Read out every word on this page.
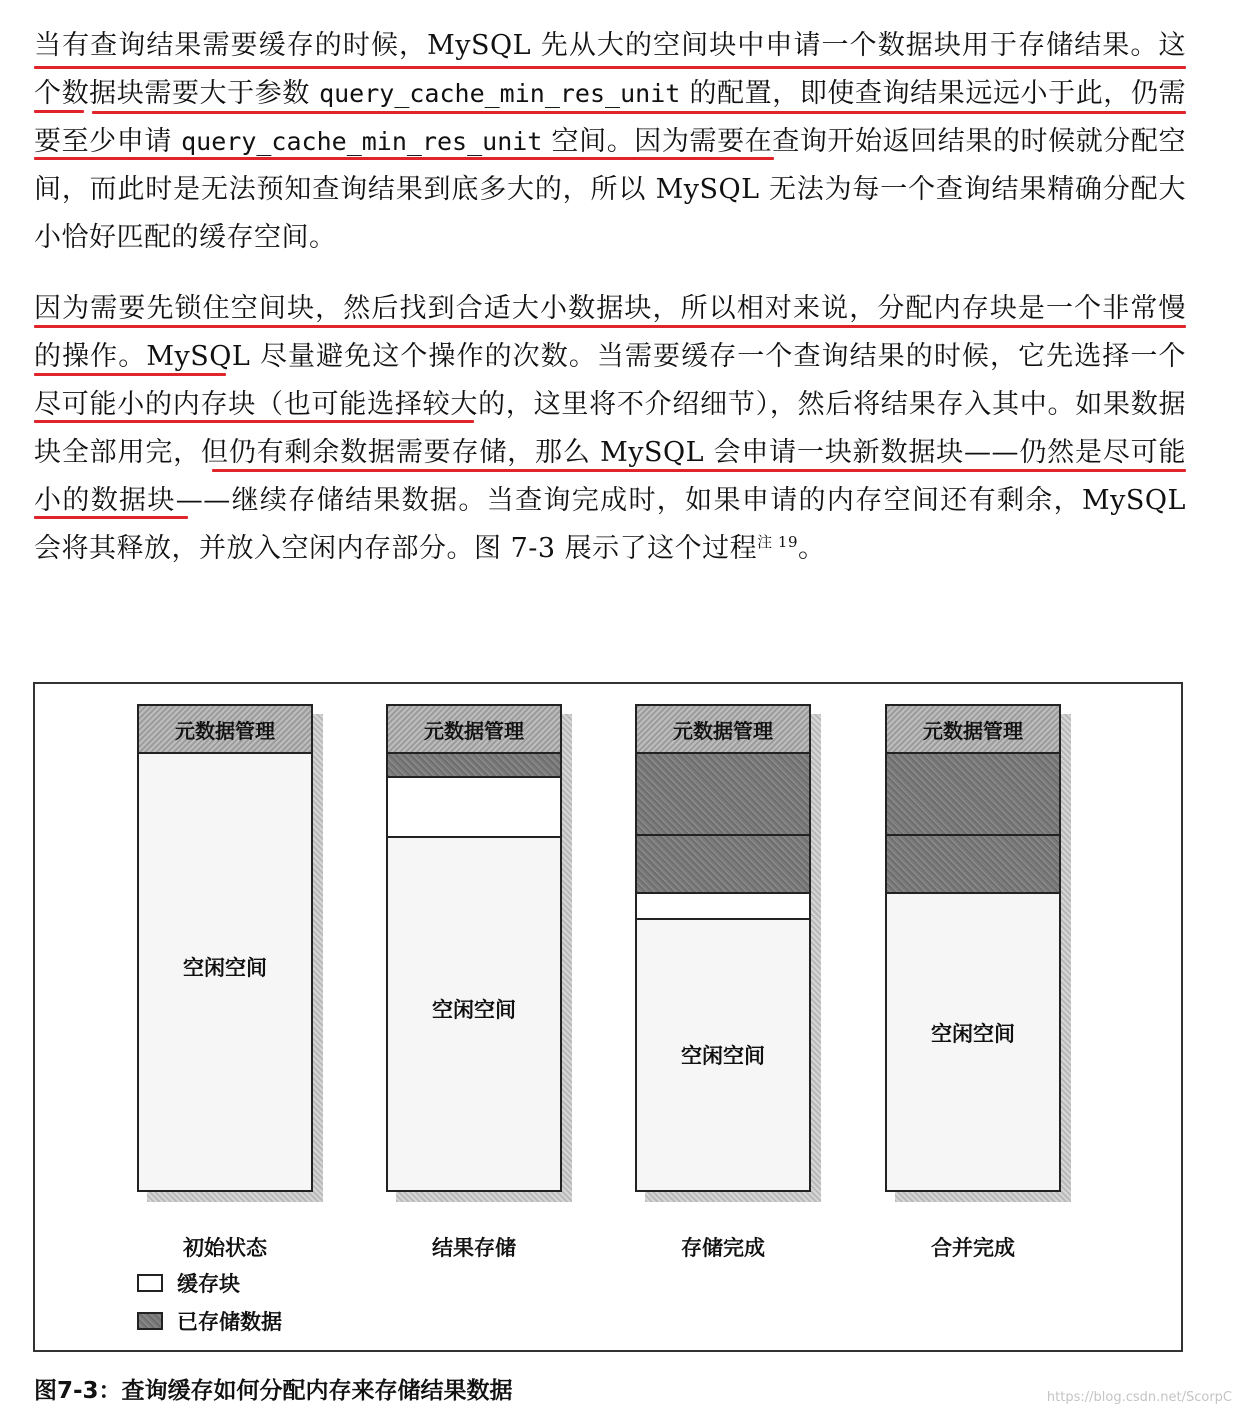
当有查询结果需要缓存的时候，MySQL 先从大的空间块中申请一个数据块用于存储结果。这个数据块需要大于参数 query_cache_min_res_unit 的配置，即使查询结果远远小于此，仍需要至少申请 query_cache_min_res_unit 空间。因为需要在查询开始返回结果的时候就分配空间，而此时是无法预知查询结果到底多大的，所以 MySQL 无法为每一个查询结果精确分配大小恰好匹配的缓存空间。

因为需要先锁住空间块，然后找到合适大小数据块，所以相对来说，分配内存块是一个非常慢的操作。MySQL 尽量避免这个操作的次数。当需要缓存一个查询结果的时候，它先选择一个尽可能小的内存块（也可能选择较大的，这里将不介绍细节），然后将结果存入其中。如果数据块全部用完，但仍有剩余数据需要存储，那么 MySQL 会申请一块新数据块——仍然是尽可能小的数据块——继续存储结果数据。当查询完成时，如果申请的内存空间还有剩余，MySQL 会将其释放，并放入空闲内存部分。图 7-3 展示了这个过程$^{注 19}$。

元数据管理
空闲空间
初始状态
元数据管理
空闲空间
结果存储
元数据管理
空闲空间
存储完成
元数据管理
空闲空间
合并完成
缓存块
已存储数据
图7-3：查询缓存如何分配内存来存储结果数据	https://blog.csdn.net/ScorpC
